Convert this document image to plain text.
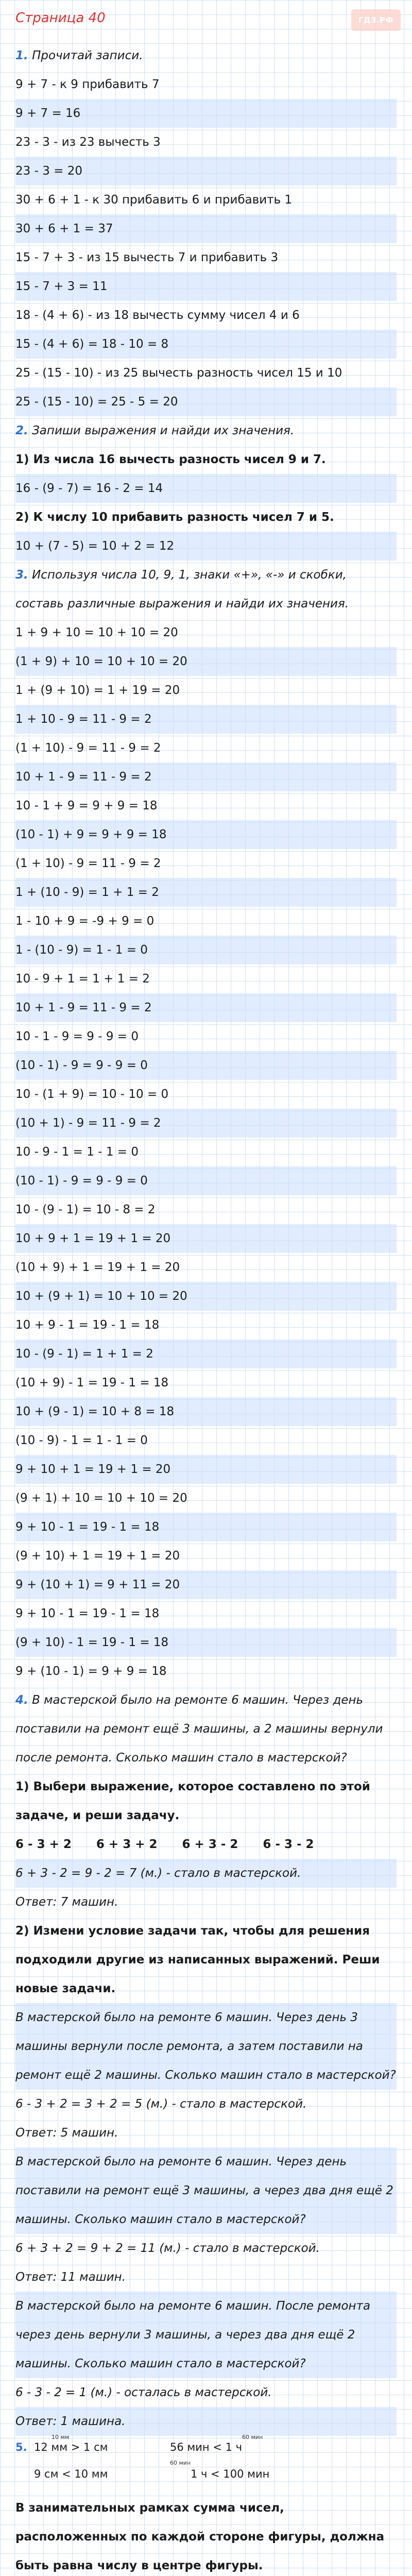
Страница 40	ГДЗ.РФ
1. Прочитай записи.
9 + 7 - к 9 прибавить 7
9 + 7 = 16
23 - 3 - из 23 вычесть 3
23 - 3 = 20
30 + 6 + 1 - к 30 прибавить 6 и прибавить 1
30 + 6 + 1 = 37
15 - 7 + 3 - из 15 вычесть 7 и прибавить 3
15 - 7 + 3 = 11
18 - (4 + 6) - из 18 вычесть сумму чисел 4 и 6
15 - (4 + 6) = 18 - 10 = 8
25 - (15 - 10) - из 25 вычесть разность чисел 15 и 10
25 - (15 - 10) = 25 - 5 = 20
2. Запиши выражения и найди их значения.
1) Из числа 16 вычесть разность чисел 9 и 7.
16 - (9 - 7) = 16 - 2 = 14
2) К числу 10 прибавить разность чисел 7 и 5.
10 + (7 - 5) = 10 + 2 = 12
3. Используя числа 10, 9, 1, знаки «+», «-» и скобки, составь различные выражения и найди их значения.
1 + 9 + 10 = 10 + 10 = 20
(1 + 9) + 10 = 10 + 10 = 20
1 + (9 + 10) = 1 + 19 = 20
1 + 10 - 9 = 11 - 9 = 2
(1 + 10) - 9 = 11 - 9 = 2
10 + 1 - 9 = 11 - 9 = 2
10 - 1 + 9 = 9 + 9 = 18
(10 - 1) + 9 = 9 + 9 = 18
(1 + 10) - 9 = 11 - 9 = 2
1 + (10 - 9) = 1 + 1 = 2
1 - 10 + 9 = -9 + 9 = 0
1 - (10 - 9) = 1 - 1 = 0
10 - 9 + 1 = 1 + 1 = 2
10 + 1 - 9 = 11 - 9 = 2
10 - 1 - 9 = 9 - 9 = 0
(10 - 1) - 9 = 9 - 9 = 0
10 - (1 + 9) = 10 - 10 = 0
(10 + 1) - 9 = 11 - 9 = 2
10 - 9 - 1 = 1 - 1 = 0
(10 - 1) - 9 = 9 - 9 = 0
10 - (9 - 1) = 10 - 8 = 2
10 + 9 + 1 = 19 + 1 = 20
(10 + 9) + 1 = 19 + 1 = 20
10 + (9 + 1) = 10 + 10 = 20
10 + 9 - 1 = 19 - 1 = 18
10 - (9 - 1) = 1 + 1 = 2
(10 + 9) - 1 = 19 - 1 = 18
10 + (9 - 1) = 10 + 8 = 18
(10 - 9) - 1 = 1 - 1 = 0
9 + 10 + 1 = 19 + 1 = 20
(9 + 1) + 10 = 10 + 10 = 20
9 + 10 - 1 = 19 - 1 = 18
(9 + 10) + 1 = 19 + 1 = 20
9 + (10 + 1) = 9 + 11 = 20
9 + 10 - 1 = 19 - 1 = 18
(9 + 10) - 1 = 19 - 1 = 18
9 + (10 - 1) = 9 + 9 = 18
4. В мастерской было на ремонте 6 машин. Через день поставили на ремонт ещё 3 машины, а 2 машины вернули после ремонта. Сколько машин стало в мастерской?
1) Выбери выражение, которое составлено по этой задаче, и реши задачу.
6 - 3 + 2      6 + 3 + 2      6 + 3 - 2      6 - 3 - 2
6 + 3 - 2 = 9 - 2 = 7 (м.) - стало в мастерской.
Ответ: 7 машин.
2) Измени условие задачи так, чтобы для решения подходили другие из написанных выражений. Реши новые задачи.
В мастерской было на ремонте 6 машин. Через день 3 машины вернули после ремонта, а затем поставили на ремонт ещё 2 машины. Сколько машин стало в мастерской?
6 - 3 + 2 = 3 + 2 = 5 (м.) - стало в мастерской.
Ответ: 5 машин.
В мастерской было на ремонте 6 машин. Через день поставили на ремонт ещё 3 машины, а через два дня ещё 2 машины. Сколько машин стало в мастерской?
6 + 3 + 2 = 9 + 2 = 11 (м.) - стало в мастерской.
Ответ: 11 машин.
В мастерской было на ремонте 6 машин. После ремонта через день вернули 3 машины, а через два дня ещё 2 машины. Сколько машин стало в мастерской?
6 - 3 - 2 = 1 (м.) - осталась в мастерской.
Ответ: 1 машина.
5. 12 мм > 1 см
10 мм
56 мин < 1 ч
60 мин
9 см < 10 мм
60 мин
1 ч < 100 мин
В занимательных рамках сумма чисел, расположенных по каждой стороне фигуры, должна быть равна числу в центре фигуры.
